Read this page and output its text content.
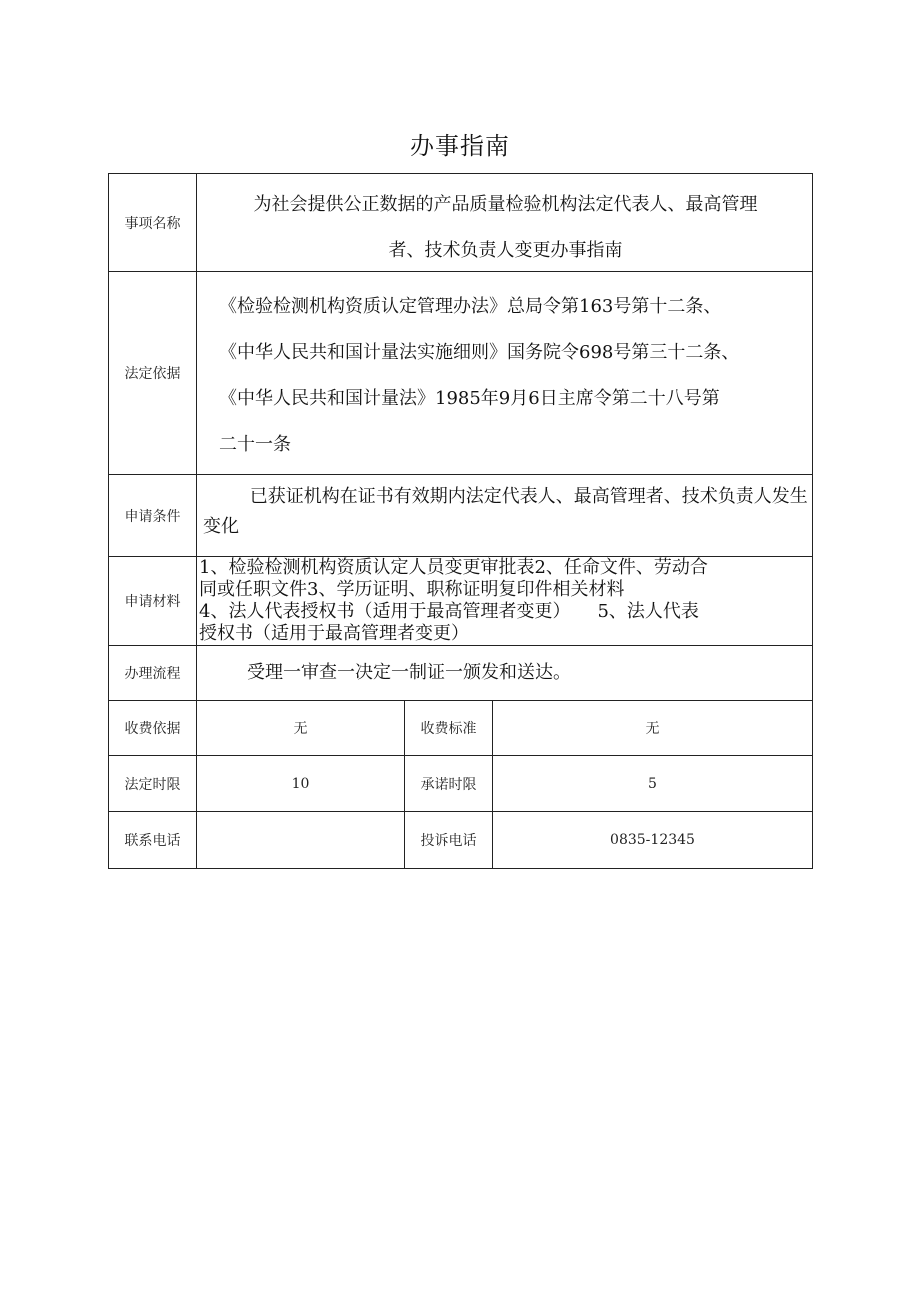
办事指南
事项名称	为社会提供公正数据的产品质量检验机构法定代表人、最高管理
者、技术负责人变更办事指南		

法定依据	《检验检测机构资质认定管理办法》总局令第163号第十二条、
《中华人民共和国计量法实施细则》国务院令698号第三十二条、
《中华人民共和国计量法》1985年9月6日主席令第二十八号第
二十一条		

申请条件	已获证机构在证书有效期内法定代表人、最高管理者、技术负责人发生变化		

申请材料	1、检验检测机构资质认定人员变更审批表2、任命文件、劳动合
同或任职文件3、学历证明、职称证明复印件相关材料
4、法人代表授权书（适用于最高管理者变更）　　5、法人代表
授权书（适用于最高管理者变更）		

办理流程	受理一审查一决定一制证一颁发和送达。		

收费依据	无	收费标准	无
法定时限	10	承诺时限	5
联系电话		投诉电话	0835-12345
